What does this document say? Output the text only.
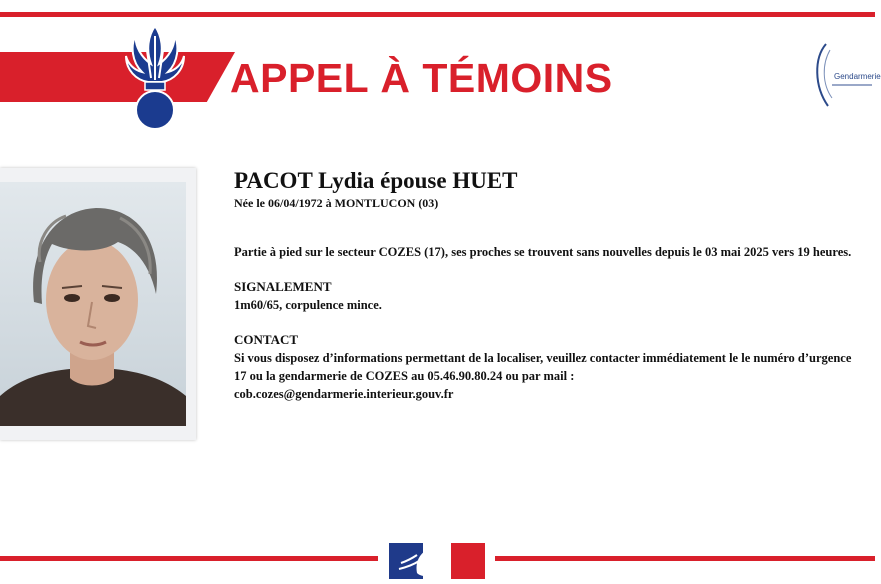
APPEL À TÉMOINS	Gendarmerie

PACOT Lydia épouse HUET

Née le 06/04/1972 à MONTLUCON (03)

Partie à pied sur le secteur COZES (17), ses proches se trouvent sans nouvelles depuis le 03 mai 2025 vers 19 heures.

SIGNALEMENT

1m60/65, corpulence mince.

CONTACT

Si vous disposez d’informations permettant de la localiser, veuillez contacter immédiatement le le numéro d’urgence 17 ou la gendarmerie de COZES au 05.46.90.80.24 ou par mail :

cob.cozes@gendarmerie.interieur.gouv.fr
